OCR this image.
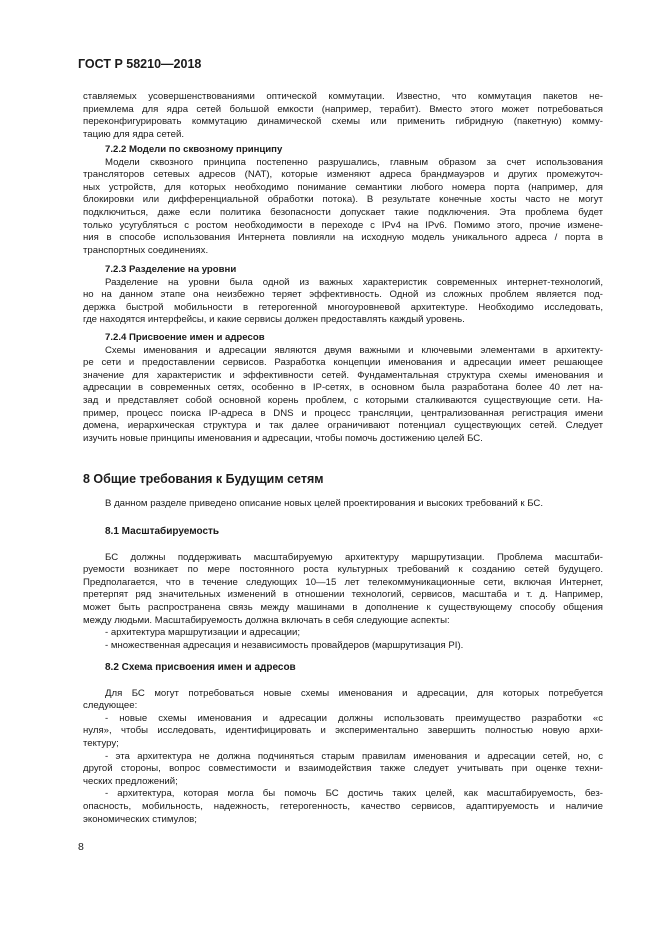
ГОСТ Р 58210—2018
ставляемых усовершенствованиями оптической коммутации. Известно, что коммутация пакетов не-
приемлема для ядра сетей большой емкости (например, терабит). Вместо этого может потребоваться
переконфигурировать коммутацию динамической схемы или применить гибридную (пакетную) комму-
тацию для ядра сетей.
7.2.2 Модели по сквозному принципу
Модели сквозного принципа постепенно разрушались, главным образом за счет использования
трансляторов сетевых адресов (NAT), которые изменяют адреса брандмауэров и других промежуточ-
ных устройств, для которых необходимо понимание семантики любого номера порта (например, для
блокировки или дифференциальной обработки потока). В результате конечные хосты часто не могут
подключиться, даже если политика безопасности допускает такие подключения. Эта проблема будет
только усугубляться с ростом необходимости в переходе с IPv4 на IPv6. Помимо этого, прочие измене-
ния в способе использования Интернета повлияли на исходную модель уникального адреса / порта в
транспортных соединениях.
7.2.3 Разделение на уровни
Разделение на уровни была одной из важных характеристик современных интернет-технологий,
но на данном этапе она неизбежно теряет эффективность. Одной из сложных проблем является под-
держка быстрой мобильности в гетерогенной многоуровневой архитектуре. Необходимо исследовать,
где находятся интерфейсы, и какие сервисы должен предоставлять каждый уровень.
7.2.4 Присвоение имен и адресов
Схемы именования и адресации являются двумя важными и ключевыми элементами в архитекту-
ре сети и предоставлении сервисов. Разработка концепции именования и адресации имеет решающее
значение для характеристик и эффективности сетей. Фундаментальная структура схемы именования и
адресации в современных сетях, особенно в IP-сетях, в основном была разработана более 40 лет на-
зад и представляет собой основной корень проблем, с которыми сталкиваются существующие сети. На-
пример, процесс поиска IP-адреса в DNS и процесс трансляции, централизованная регистрация имени
домена, иерархическая структура и так далее ограничивают потенциал существующих сетей. Следует
изучить новые принципы именования и адресации, чтобы помочь достижению целей БС.
8 Общие требования к Будущим сетям
В данном разделе приведено описание новых целей проектирования и высоких требований к БС.
8.1 Масштабируемость
БС должны поддерживать масштабируемую архитектуру маршрутизации. Проблема масштаби-
руемости возникает по мере постоянного роста культурных требований к созданию сетей будущего.
Предполагается, что в течение следующих 10—15 лет телекоммуникационные сети, включая Интернет,
претерпят ряд значительных изменений в отношении технологий, сервисов, масштаба и т. д. Например,
может быть распространена связь между машинами в дополнение к существующему способу общения
между людьми. Масштабируемость должна включать в себя следующие аспекты:
- архитектура маршрутизации и адресации;
- множественная адресация и независимость провайдеров (маршрутизация PI).
8.2 Схема присвоения имен и адресов
Для БС могут потребоваться новые схемы именования и адресации, для которых потребуется
следующее:
- новые схемы именования и адресации должны использовать преимущество разработки «с
нуля», чтобы исследовать, идентифицировать и экспериментально завершить полностью новую архи-
тектуру;
- эта архитектура не должна подчиняться старым правилам именования и адресации сетей, но, с
другой стороны, вопрос совместимости и взаимодействия также следует учитывать при оценке техни-
ческих предложений;
- архитектура, которая могла бы помочь БС достичь таких целей, как масштабируемость, без-
опасность, мобильность, надежность, гетерогенность, качество сервисов, адаптируемость и наличие
экономических стимулов;
8
